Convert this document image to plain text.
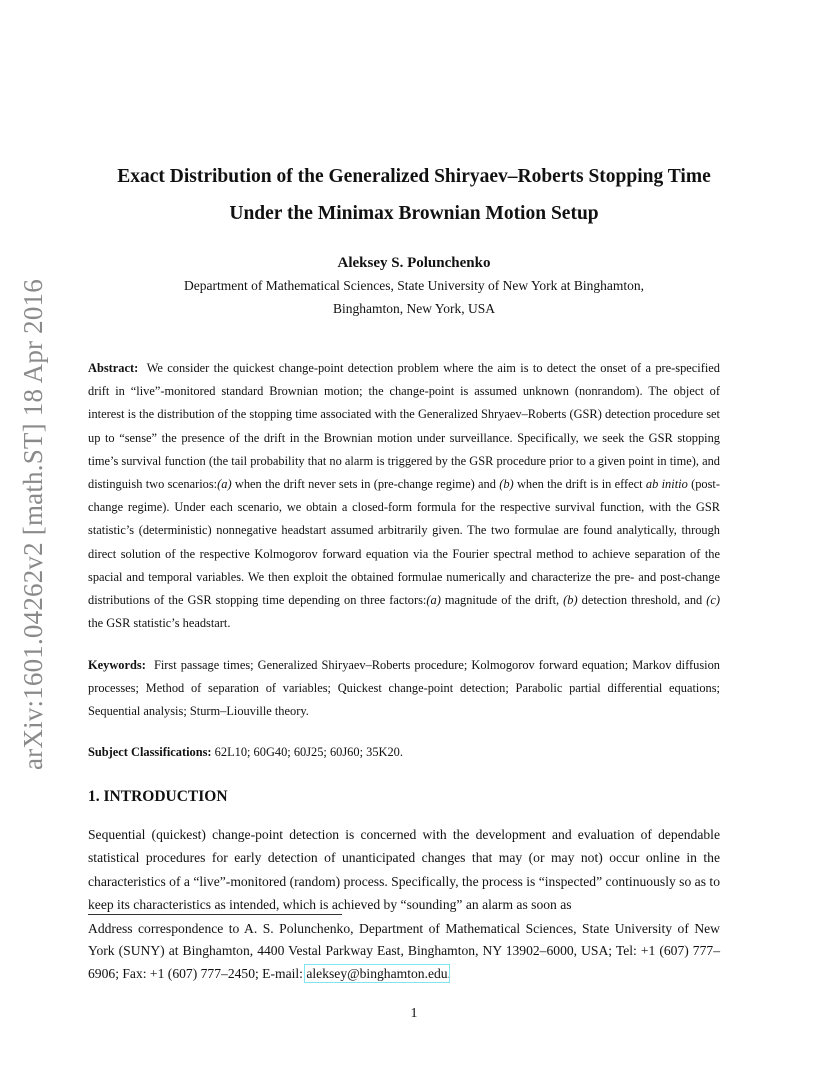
arXiv:1601.04262v2 [math.ST] 18 Apr 2016
Exact Distribution of the Generalized Shiryaev–Roberts Stopping Time
Under the Minimax Brownian Motion Setup
Aleksey S. Polunchenko
Department of Mathematical Sciences, State University of New York at Binghamton,
Binghamton, New York, USA
Abstract: We consider the quickest change-point detection problem where the aim is to detect the onset of a pre-specified drift in “live”-monitored standard Brownian motion; the change-point is assumed unknown (nonrandom). The object of interest is the distribution of the stopping time associated with the Generalized Shryaev–Roberts (GSR) detection procedure set up to “sense” the presence of the drift in the Brownian motion under surveillance. Specifically, we seek the GSR stopping time’s survival function (the tail probability that no alarm is triggered by the GSR procedure prior to a given point in time), and distinguish two scenarios:(a) when the drift never sets in (pre-change regime) and (b) when the drift is in effect ab initio (post-change regime). Under each scenario, we obtain a closed-form formula for the respective survival function, with the GSR statistic’s (deterministic) nonnegative headstart assumed arbitrarily given. The two formulae are found analytically, through direct solution of the respective Kolmogorov forward equation via the Fourier spectral method to achieve separation of the spacial and temporal variables. We then exploit the obtained formulae numerically and characterize the pre- and post-change distributions of the GSR stopping time depending on three factors:(a) magnitude of the drift, (b) detection threshold, and (c) the GSR statistic’s headstart.
Keywords: First passage times; Generalized Shiryaev–Roberts procedure; Kolmogorov forward equation; Markov diffusion processes; Method of separation of variables; Quickest change-point detection; Parabolic partial differential equations; Sequential analysis; Sturm–Liouville theory.
Subject Classifications: 62L10; 60G40; 60J25; 60J60; 35K20.
1. INTRODUCTION
Sequential (quickest) change-point detection is concerned with the development and evaluation of dependable statistical procedures for early detection of unanticipated changes that may (or may not) occur online in the characteristics of a “live”-monitored (random) process. Specifically, the process is “inspected” continuously so as to keep its characteristics as intended, which is achieved by “sounding” an alarm as soon as
Address correspondence to A. S. Polunchenko, Department of Mathematical Sciences, State University of New York (SUNY) at Binghamton, 4400 Vestal Parkway East, Binghamton, NY 13902–6000, USA; Tel: +1 (607) 777–6906; Fax: +1 (607) 777–2450; E-mail: aleksey@binghamton.edu.
1
